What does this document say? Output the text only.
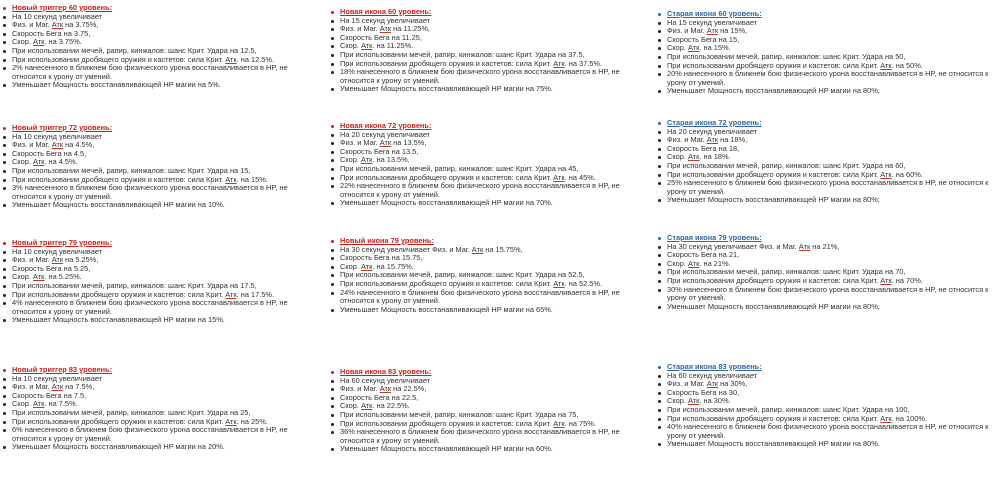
Новый триггер 60 уровень:
На 10 секунд увеличивает
Физ. и Маг. Атк на 3.75%,
Скорость Бега на 3.75,
Скор. Атк. на 3.75%.
При использовании мечей, рапир, кинжалов: шанс Крит. Удара на 12.5,
При использовании дробящего оружия и кастетов: сила Крит. Атк. на 12.5%.
2% нанесенного в ближнем бою физического урона восстанавливается в HP, не относится к урону от умений.
Уменьшает Мощность восстанавливающей HP магии на 5%.
Новый триггер 72 уровень:
На 10 секунд увеличивает
Физ. и Маг. Атк на 4.5%,
Скорость Бега на 4.5,
Скор. Атк. на 4.5%.
При использовании мечей, рапир, кинжалов: шанс Крит. Удара на 15,
При использовании дробящего оружия и кастетов: сила Крит. Атк. на 15%.
3% нанесенного в ближнем бою физического урона восстанавливается в HP, не относится к урону от умений.
Уменьшает Мощность восстанавливающей HP магии на 10%.
Новый триггер 79 уровень:
На 10 секунд увеличивает
Физ. и Маг. Атк на 5.25%,
Скорость Бега на 5.25,
Скор. Атк. на 5.25%.
При использовании мечей, рапир, кинжалов: шанс Крит. Удара на 17.5,
При использовании дробящего оружия и кастетов: сила Крит. Атк. на 17.5%.
4% нанесенного в ближнем бою физического урона восстанавливается в HP, не относится к урону от умений.
Уменьшает Мощность восстанавливающей HP магии на 15%.
Новый триггер 83 уровень:
На 10 секунд увеличивает
Физ. и Маг. Атк на 7.5%,
Скорость Бега на 7.5,
Скор. Атк. на 7.5%.
При использовании мечей, рапир, кинжалов: шанс Крит. Удара на 25,
При использовании дробящего оружия и кастетов: сила Крит. Атк. на 25%.
6% нанесенного в ближнем бою физического урона восстанавливается в HP, не относится к урону от умений.
Уменьшает Мощность восстанавливающей HP магии на 20%.
Новая икона 60 уровень:
На 15 секунд увеличивает
Физ. и Маг. Атк на 11.25%,
Скорость Бега на 11.25,
Скор. Атк. на 11.25%.
При использовании мечей, рапир, кинжалов: шанс Крит. Удара на 37.5,
При использовании дробящего оружия и кастетов: сила Крит. Атк. на 37.5%.
18% нанесенного в ближнем бою физического урона восстанавливается в HP, не относится к урону от умений.
Уменьшает Мощность восстанавливающей HP магии на 75%.
Новая икона 72 уровень:
На 20 секунд увеличивает
Физ. и Маг. Атк на 13.5%,
Скорость Бега на 13.5,
Скор. Атк. на 13.5%.
При использовании мечей, рапир, кинжалов: шанс Крит. Удара на 45,
При использовании дробящего оружия и кастетов: сила Крит. Атк. на 45%.
22% нанесенного в ближнем бою физического урона восстанавливается в HP, не относится к урону от умений.
Уменьшает Мощность восстанавливающей HP магии на 70%.
Новый икона 79 уровень:
На 30 секунд увеличивает Физ. и Маг. Атк на 15.75%,
Скорость Бега на 15.75,
Скор. Атк. на 15.75%.
При использовании мечей, рапир, кинжалов: шанс Крит. Удара на 52.5,
При использовании дробящего оружия и кастетов: сила Крит. Атк. на 52.5%.
24% нанесенного в ближнем бою физического урона восстанавливается в HP, не относится к урону от умений.
Уменьшает Мощность восстанавливающей HP магии на 65%.
Новая икона 83 уровень:
На 60 секунд увеличивает
Физ. и Маг. Атк на 22.5%,
Скорость Бега на 22.5,
Скор. Атк. на 22.5%.
При использовании мечей, рапир, кинжалов: шанс Крит. Удара на 75,
При использовании дробящего оружия и кастетов: сила Крит. Атк. на 75%.
36% нанесенного в ближнем бою физического урона восстанавливается в HP, не относится к урону от умений.
Уменьшает Мощность восстанавливающей HP магии на 60%.
Старая икона 60 уровень:
На 15 секунд увеличивает
Физ. и Маг. Атк на 15%,
Скорость Бега на 15,
Скор. Атк. на 15%.
При использовании мечей, рапир, кинжалов: шанс Крит. Удара на 50,
При использовании дробящего оружия и кастетов: сила Крит. Атк. на 50%.
20% нанесенного в ближнем бою физического урона восстанавливается в HP, не относится к урону от умений.
Уменьшает Мощность восстанавливающей HP магии на 80%;
Старая икона 72 уровень:
На 20 секунд увеличивает
Физ. и Маг. Атк на 18%,
Скорость Бега на 18,
Скор. Атк. на 18%.
При использовании мечей, рапир, кинжалов: шанс Крит. Удара на 60,
При использовании дробящего оружия и кастетов: сила Крит. Атк. на 60%.
25% нанесенного в ближнем бою физического урона восстанавливается в HP, не относится к урону от умений.
Уменьшает Мощность восстанавливающей HP магии на 80%;
Старая икона 79 уровень:
На 30 секунд увеличивает Физ. и Маг. Атк на 21%,
Скорость Бега на 21,
Скор. Атк. на 21%.
При использовании мечей, рапир, кинжалов: шанс Крит. Удара на 70,
При использовании дробящего оружия и кастетов: сила Крит. Атк. на 70%.
30% нанесенного в ближнем бою физического урона восстанавливается в HP, не относится к урону от умений.
Уменьшает Мощность восстанавливающей HP магии на 80%;
Старая икона 83 уровень:
На 60 секунд увеличивает
Физ. и Маг. Атк на 30%,
Скорость Бега на 30,
Скор. Атк. на 30%.
При использовании мечей, рапир, кинжалов: шанс Крит. Удара на 100,
При использовании дробящего оружия и кастетов: сила Крит. Атк. на 100%.
40% нанесенного в ближнем бою физического урона восстанавливается в HP, не относится к урону от умений.
Уменьшает Мощность восстанавливающей HP магии на 80%.
